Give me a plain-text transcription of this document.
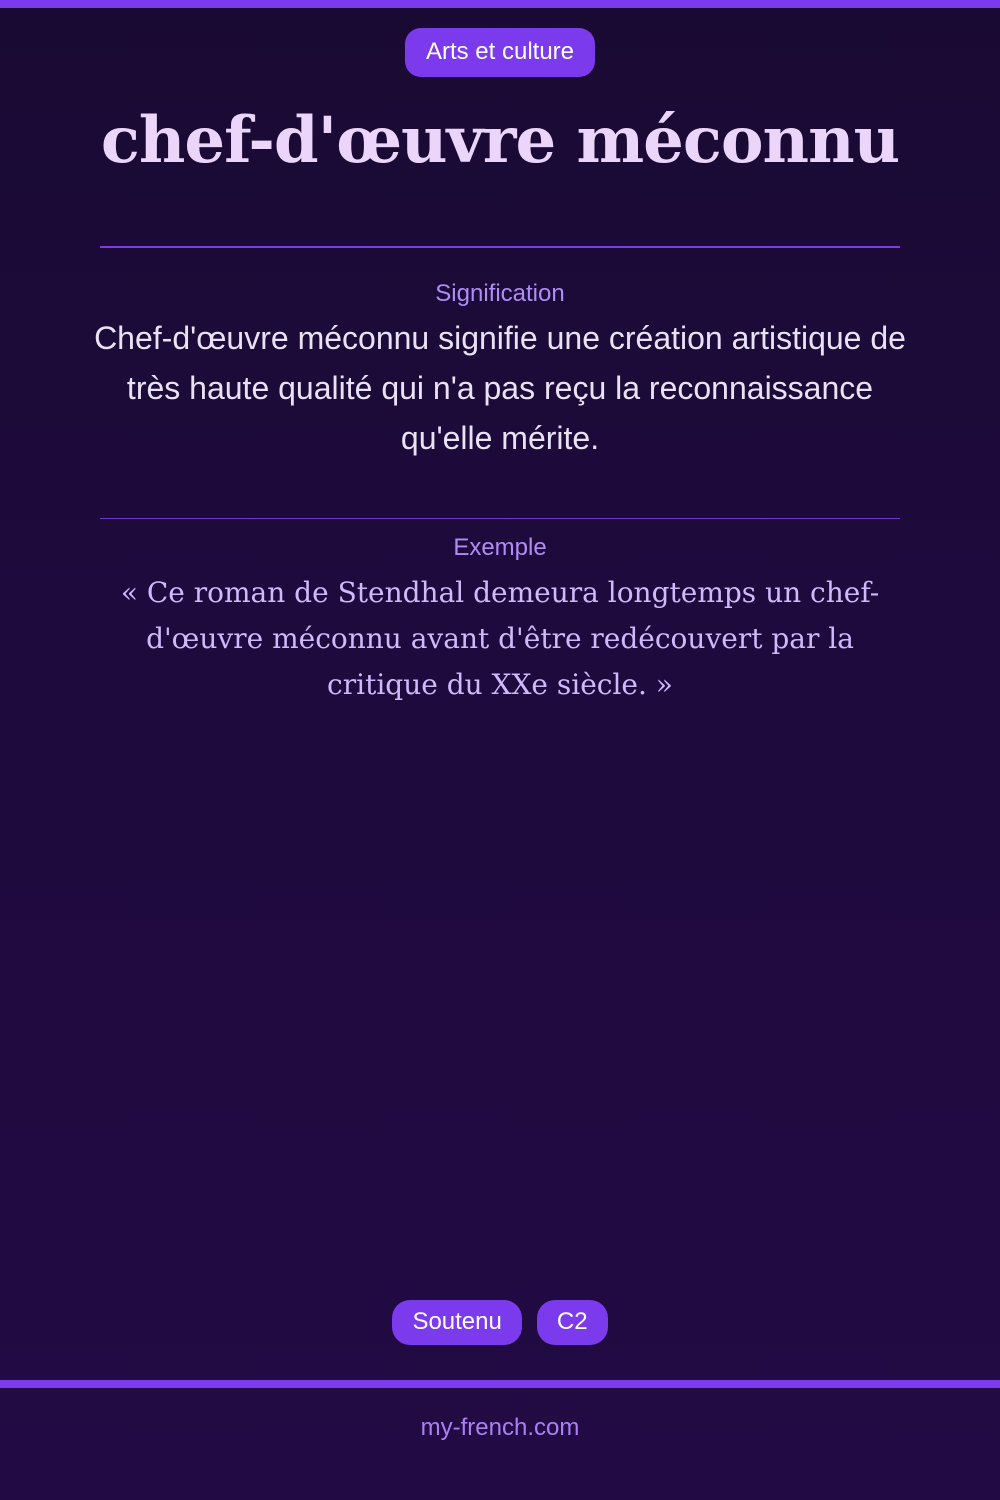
Arts et culture
chef-d'œuvre méconnu
Signification

Chef-d'œuvre méconnu signifie une création artistique de très haute qualité qui n'a pas reçu la reconnaissance qu'elle mérite.

Exemple

« Ce roman de Stendhal demeura longtemps un chef-d'œuvre méconnu avant d'être redécouvert par la critique du XXe siècle. »

Soutenu	C2
my-french.com
